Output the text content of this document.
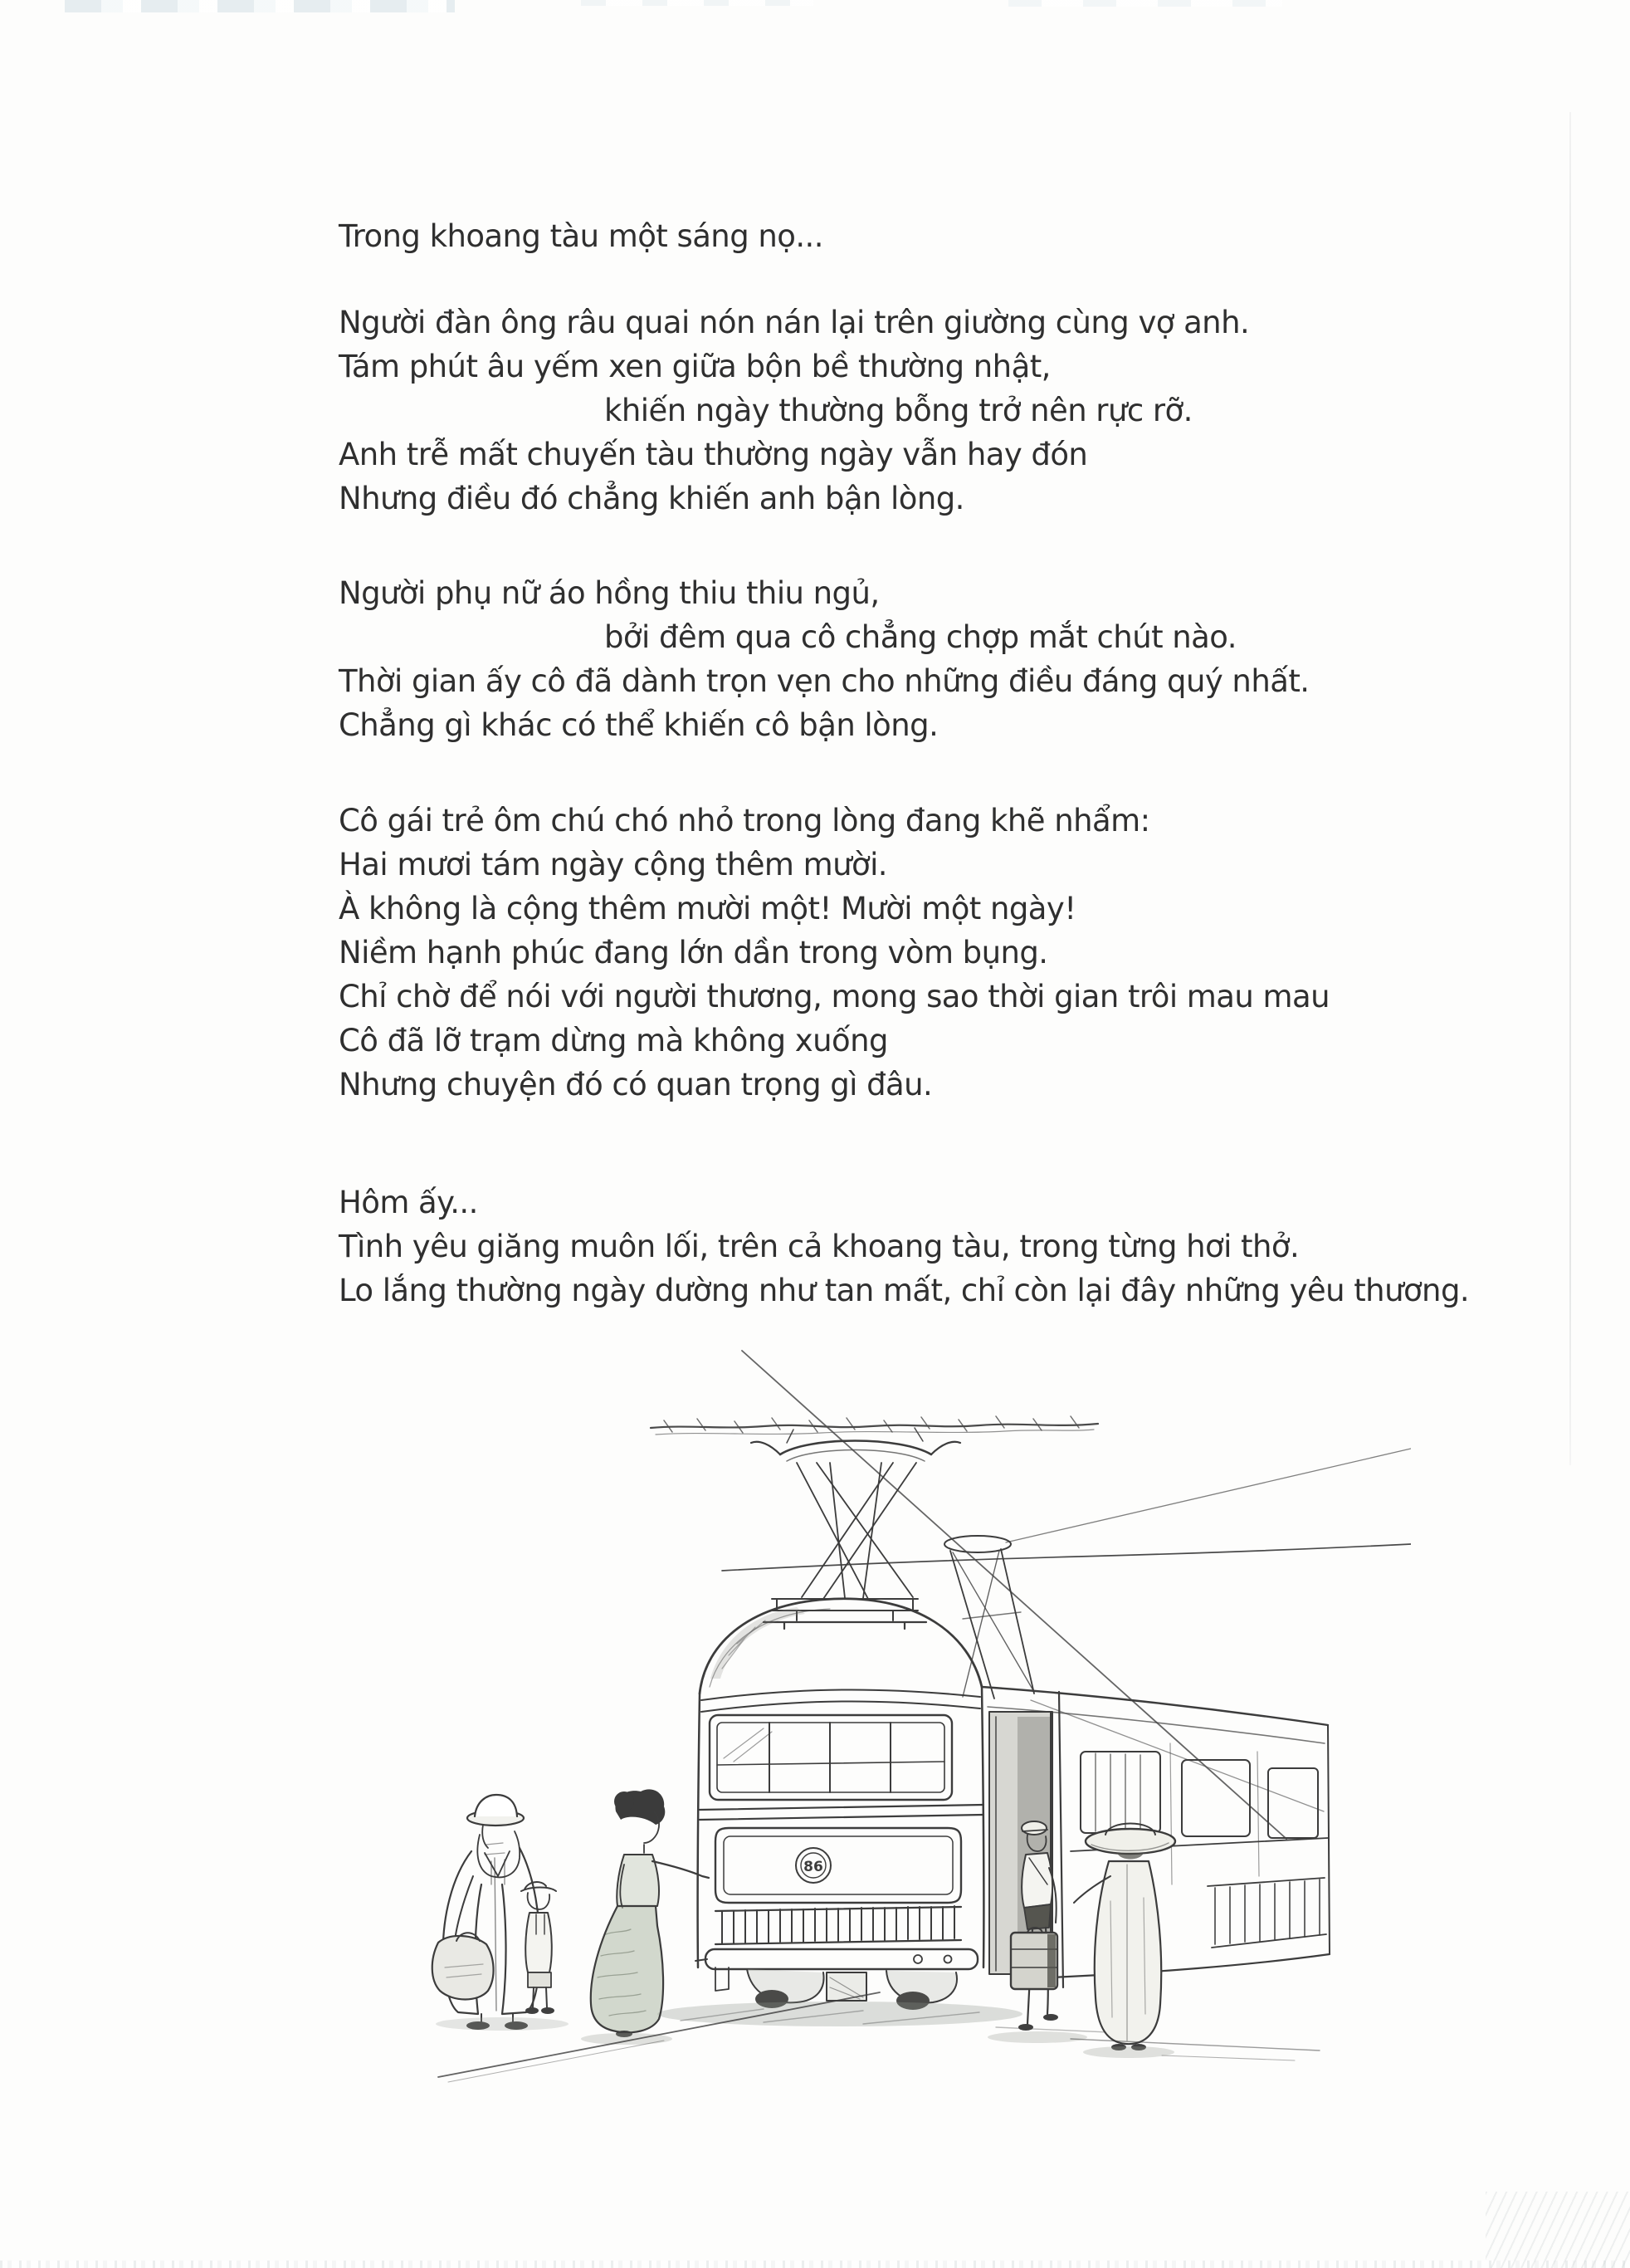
Trong khoang tàu một sáng nọ...
Người đàn ông râu quai nón nán lại trên giường cùng vợ anh.
Tám phút âu yếm xen giữa bộn bề thường nhật,
khiến ngày thường bỗng trở nên rực rỡ.
Anh trễ mất chuyến tàu thường ngày vẫn hay đón
Nhưng điều đó chẳng khiến anh bận lòng.
Người phụ nữ áo hồng thiu thiu ngủ,
bởi đêm qua cô chẳng chợp mắt chút nào.
Thời gian ấy cô đã dành trọn vẹn cho những điều đáng quý nhất.
Chẳng gì khác có thể khiến cô bận lòng.
Cô gái trẻ ôm chú chó nhỏ trong lòng đang khẽ nhẩm:
Hai mươi tám ngày cộng thêm mười.
À không là cộng thêm mười một! Mười một ngày!
Niềm hạnh phúc đang lớn dần trong vòm bụng.
Chỉ chờ để nói với người thương, mong sao thời gian trôi mau mau
Cô đã lỡ trạm dừng mà không xuống
Nhưng chuyện đó có quan trọng gì đâu.
Hôm ấy...
Tình yêu giăng muôn lối, trên cả khoang tàu, trong từng hơi thở.
Lo lắng thường ngày dường như tan mất, chỉ còn lại đây những yêu thương.
86
